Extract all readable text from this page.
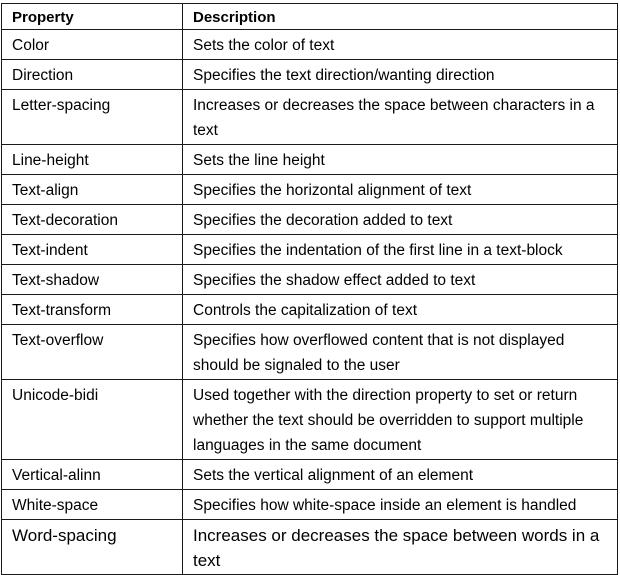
Property	Description
Color	Sets the color of text
Direction	Specifies the text direction/wanting direction
Letter-spacing	Increases or decreases the space between characters in a text
Line-height	Sets the line height
Text-align	Specifies the horizontal alignment of text
Text-decoration	Specifies the decoration added to text
Text-indent	Specifies the indentation of the first line in a text-block
Text-shadow	Specifies the shadow effect added to text
Text-transform	Controls the capitalization of text
Text-overflow	Specifies how overflowed content that is not displayed should be signaled to the user
Unicode-bidi	Used together with the direction property to set or return whether the text should be overridden to support multiple languages in the same document
Vertical-alinn	Sets the vertical alignment of an element
White-space	Specifies how white-space inside an element is handled
Word-spacing	Increases or decreases the space between words in a text
